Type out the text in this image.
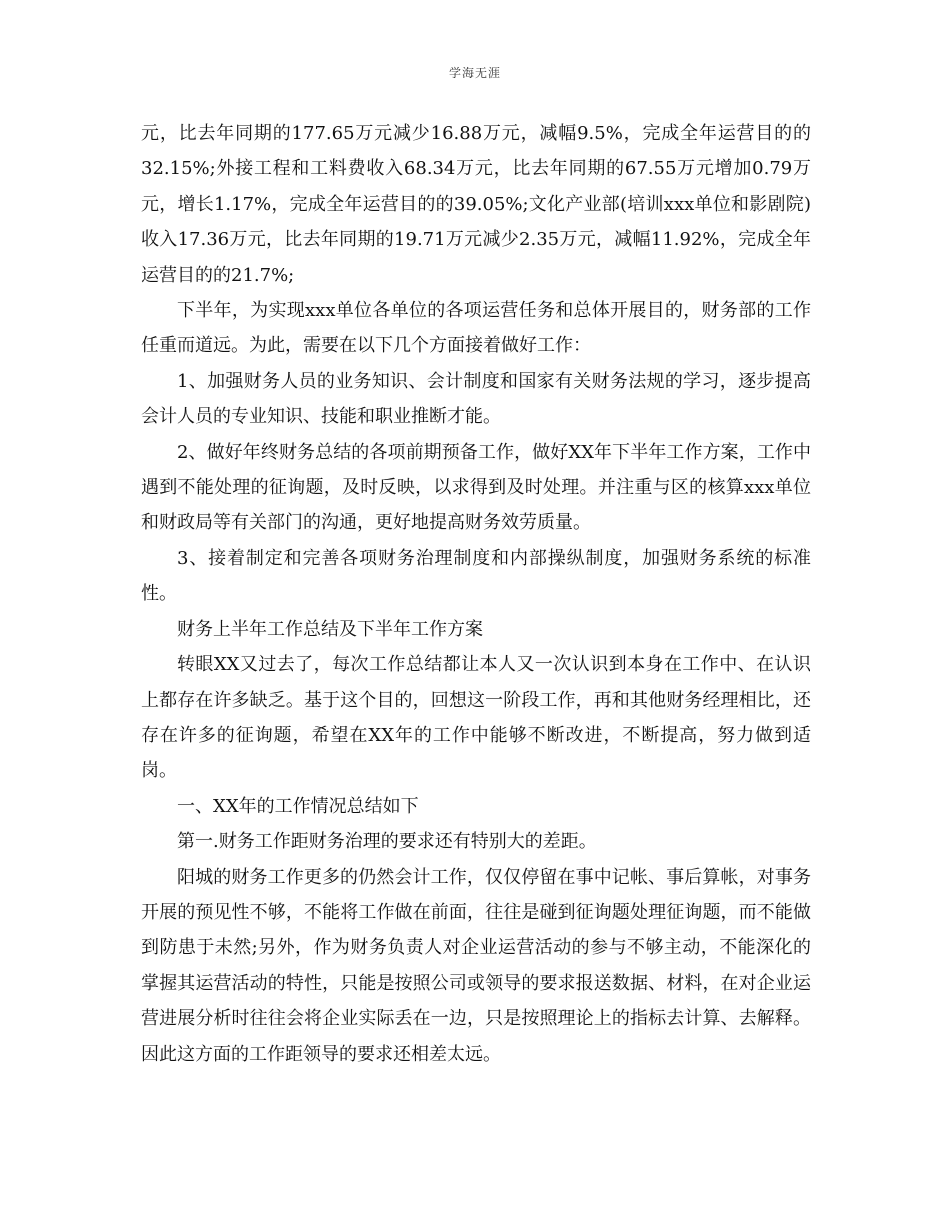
学海无涯

元，比去年同期的177.65万元减少16.88万元，减幅9.5%，完成全年运营目的的32.15%;外接工程和工料费收入68.34万元，比去年同期的67.55万元增加0.79万元，增长1.17%，完成全年运营目的的39.05%;文化产业部(培训xxx单位和影剧院)收入17.36万元，比去年同期的19.71万元减少2.35万元，减幅11.92%，完成全年运营目的的21.7%;

下半年，为实现xxx单位各单位的各项运营任务和总体开展目的，财务部的工作任重而道远。为此，需要在以下几个方面接着做好工作：

1、加强财务人员的业务知识、会计制度和国家有关财务法规的学习，逐步提高会计人员的专业知识、技能和职业推断才能。

2、做好年终财务总结的各项前期预备工作，做好XX年下半年工作方案，工作中遇到不能处理的征询题，及时反映，以求得到及时处理。并注重与区的核算xxx单位和财政局等有关部门的沟通，更好地提高财务效劳质量。

3、接着制定和完善各项财务治理制度和内部操纵制度，加强财务系统的标准性。

财务上半年工作总结及下半年工作方案

转眼XX又过去了，每次工作总结都让本人又一次认识到本身在工作中、在认识上都存在许多缺乏。基于这个目的，回想这一阶段工作，再和其他财务经理相比，还存在许多的征询题，希望在XX年的工作中能够不断改进，不断提高，努力做到适岗。

一、XX年的工作情况总结如下

第一.财务工作距财务治理的要求还有特别大的差距。

阳城的财务工作更多的仍然会计工作，仅仅停留在事中记帐、事后算帐，对事务开展的预见性不够，不能将工作做在前面，往往是碰到征询题处理征询题，而不能做到防患于未然;另外，作为财务负责人对企业运营活动的参与不够主动，不能深化的掌握其运营活动的特性，只能是按照公司或领导的要求报送数据、材料，在对企业运营进展分析时往往会将企业实际丢在一边，只是按照理论上的指标去计算、去解释。因此这方面的工作距领导的要求还相差太远。
